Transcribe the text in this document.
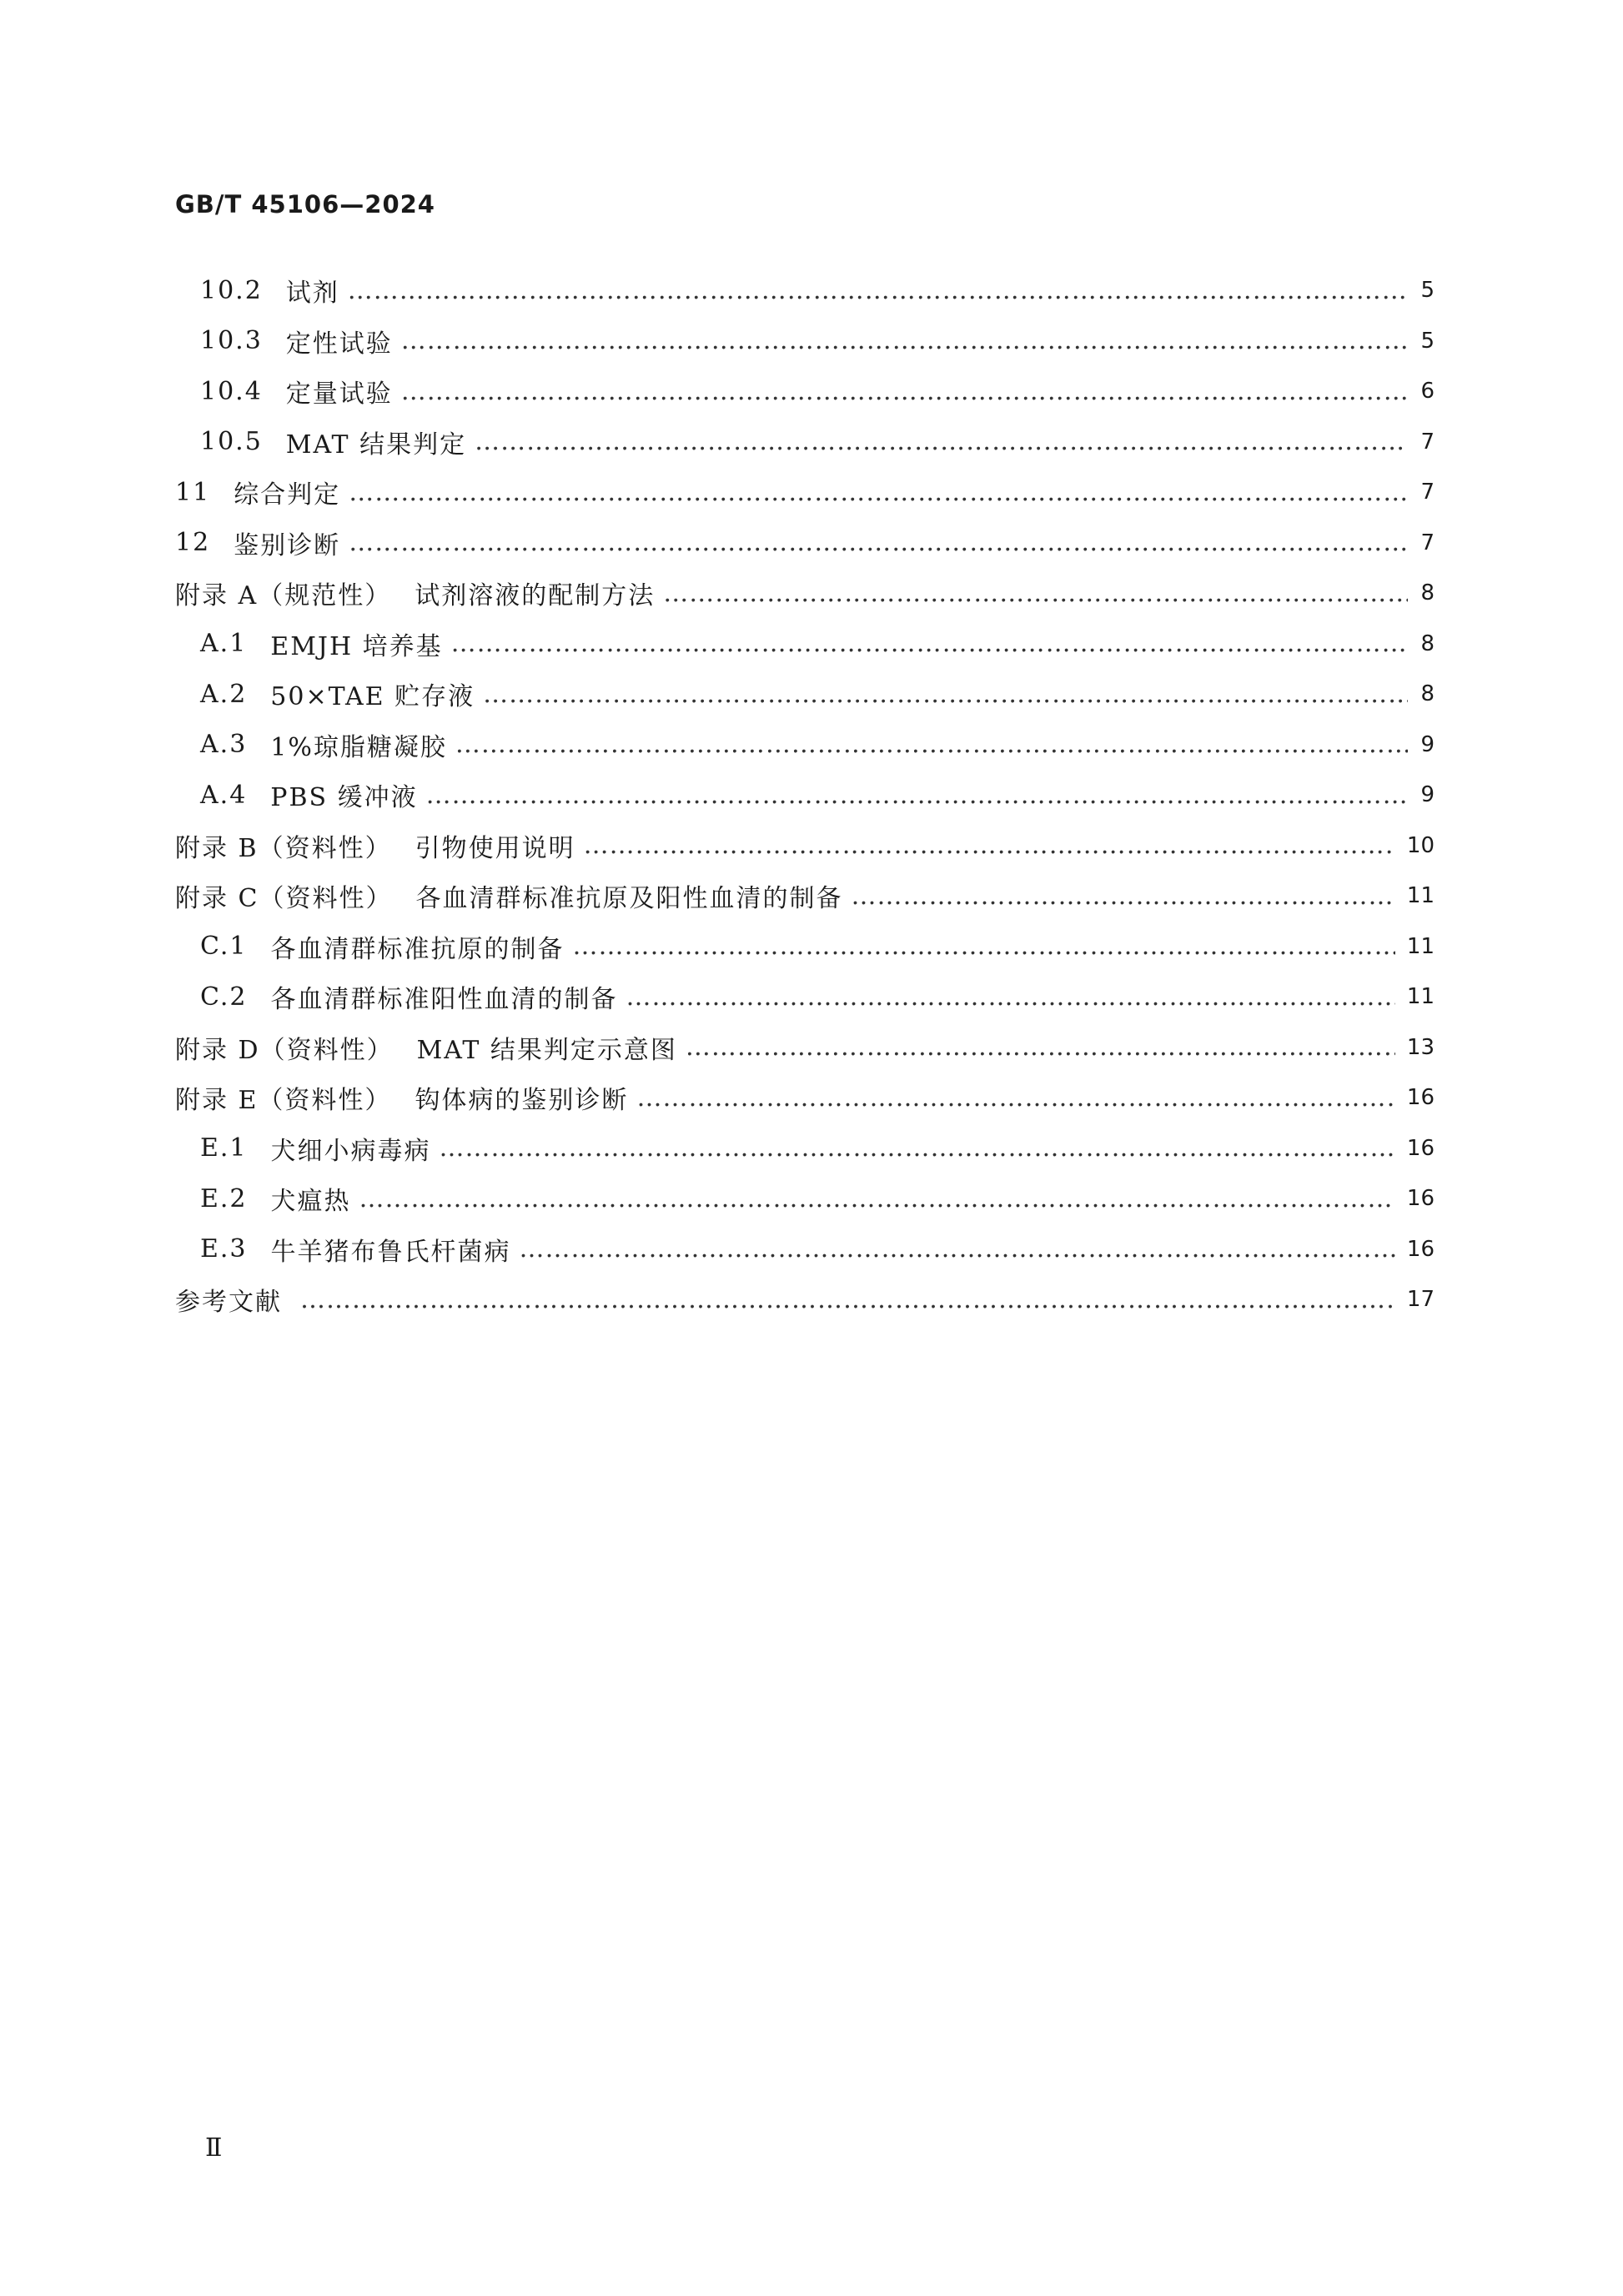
GB/T 45106—2024
10.2 试剂 …………………………………………………………………………………………………………………………………………………………………………………………………………………………………………………………	5
10.3 定性试验 …………………………………………………………………………………………………………………………………………………………………………………………………………………………………………………………	5
10.4 定量试验 …………………………………………………………………………………………………………………………………………………………………………………………………………………………………………………………	6
10.5 MAT 结果判定 …………………………………………………………………………………………………………………………………………………………………………………………………………………………………………………………	7
11 综合判定 …………………………………………………………………………………………………………………………………………………………………………………………………………………………………………………………	7
12 鉴别诊断 …………………………………………………………………………………………………………………………………………………………………………………………………………………………………………………………	7
附录 A（规范性） 试剂溶液的配制方法 …………………………………………………………………………………………………………………………………………………………………………………………………………………………………………………………	8
A.1 EMJH 培养基 …………………………………………………………………………………………………………………………………………………………………………………………………………………………………………………………	8
A.2 50×TAE 贮存液 …………………………………………………………………………………………………………………………………………………………………………………………………………………………………………………………	8
A.3 1%琼脂糖凝胶 …………………………………………………………………………………………………………………………………………………………………………………………………………………………………………………………	9
A.4 PBS 缓冲液 …………………………………………………………………………………………………………………………………………………………………………………………………………………………………………………………	9
附录 B（资料性） 引物使用说明 …………………………………………………………………………………………………………………………………………………………………………………………………………………………………………………………	10
附录 C（资料性） 各血清群标准抗原及阳性血清的制备 …………………………………………………………………………………………………………………………………………………………………………………………………………………………………………………………	11
C.1 各血清群标准抗原的制备 …………………………………………………………………………………………………………………………………………………………………………………………………………………………………………………………	11
C.2 各血清群标准阳性血清的制备 …………………………………………………………………………………………………………………………………………………………………………………………………………………………………………………………	11
附录 D（资料性） MAT 结果判定示意图 …………………………………………………………………………………………………………………………………………………………………………………………………………………………………………………………	13
附录 E（资料性） 钩体病的鉴别诊断 …………………………………………………………………………………………………………………………………………………………………………………………………………………………………………………………	16
E.1 犬细小病毒病 …………………………………………………………………………………………………………………………………………………………………………………………………………………………………………………………	16
E.2 犬瘟热 …………………………………………………………………………………………………………………………………………………………………………………………………………………………………………………………	16
E.3 牛羊猪布鲁氏杆菌病 …………………………………………………………………………………………………………………………………………………………………………………………………………………………………………………………	16
参考文献 …………………………………………………………………………………………………………………………………………………………………………………………………………………………………………………………	17
Ⅱ
